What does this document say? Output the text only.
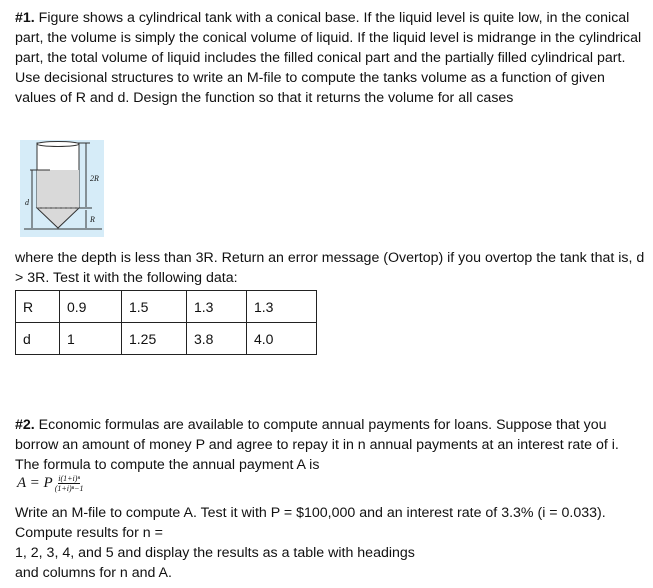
#1. Figure shows a cylindrical tank with a conical base. If the liquid level is quite low, in the conical part, the volume is simply the conical volume of liquid. If the liquid level is midrange in the cylindrical part, the total volume of liquid includes the filled conical part and the partially filled cylindrical part.
Use decisional structures to write an M-file to compute the tanks volume as a function of given values of R and d. Design the function so that it returns the volume for all cases
2R
d
R
where the depth is less than 3R. Return an error message (Overtop) if you overtop the tank that is, d > 3R. Test it with the following data:
R	0.9	1.5	1.3	1.3
d	1	1.25	3.8	4.0
#2. Economic formulas are available to compute annual payments for loans. Suppose that you borrow an amount of money P and agree to repay it in n annual payments at an interest rate of i. The formula to compute the annual payment A is
A = P $\frac{\text{i(1+i)ⁿ}}{\text{(1+i)ⁿ−1}}$
Write an M-file to compute A. Test it with P = $100,000 and an interest rate of 3.3% (i = 0.033). Compute results for n =
1, 2, 3, 4, and 5 and display the results as a table with headings
and columns for n and A.
